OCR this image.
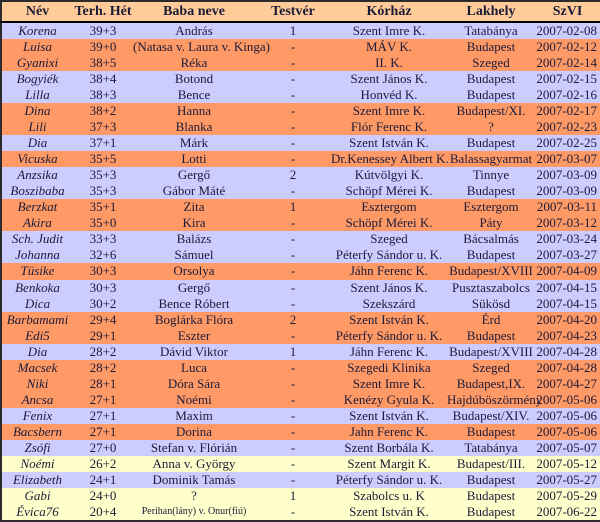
Név	Terh. Hét	Baba neve	Testvér	Kórház	Lakhely	SzVI
Korena	39+3	András	1	Szent Imre K.	Tatabánya	2007-02-08
Luisa	39+0	(Natasa v. Laura v. Kinga)	-	MÁV K.	Budapest	2007-02-12
Gyanixi	38+5	Réka	-	II. K.	Szeged	2007-02-14
Bogyiék	38+4	Botond	-	Szent János K.	Budapest	2007-02-15
Lilla	38+3	Bence	-	Honvéd K.	Budapest	2007-02-16
Dina	38+2	Hanna	-	Szent Imre K.	Budapest/XI.	2007-02-17
Lili	37+3	Blanka	-	Flór Ferenc K.	?	2007-02-23
Dia	37+1	Márk	-	Szent István K.	Budapest	2007-02-25
Vicuska	35+5	Lotti	-	Dr.Kenessey Albert K.	Balassagyarmat	2007-03-07
Anzsika	35+3	Gergő	2	Kútvölgyi K.	Tinnye	2007-03-09
Boszibaba	35+3	Gábor Máté	-	Schöpf Mérei K.	Budapest	2007-03-09
Berzkat	35+1	Zita	1	Esztergom	Esztergom	2007-03-11
Akira	35+0	Kira	-	Schöpf Mérei K.	Páty	2007-03-12
Sch. Judit	33+3	Balázs	-	Szeged	Bácsalmás	2007-03-24
Johanna	32+6	Sámuel	-	Péterfy Sándor u. K.	Budapest	2007-03-27
Tüsike	30+3	Orsolya	-	Jáhn Ferenc K.	Budapest/XVIII	2007-04-09
Benkoka	30+3	Gergő	-	Szent János K.	Pusztaszabolcs	2007-04-15
Dica	30+2	Bence Róbert	-	Szekszárd	Sükösd	2007-04-15
Barbamami	29+4	Boglárka Flóra	2	Szent István K.	Érd	2007-04-20
Edi5	29+1	Eszter	-	Péterfy Sándor u. K.	Budapest	2007-04-23
Dia	28+2	Dávid Viktor	1	Jáhn Ferenc K.	Budapest/XVIII	2007-04-28
Macsek	28+2	Luca	-	Szegedi Klinika	Szeged	2007-04-28
Niki	28+1	Dóra Sára	-	Szent Imre K.	Budapest,IX.	2007-04-27
Ancsa	27+1	Noémi	-	Kenézy Gyula K.	Hajdúböszörmény	2007-05-06
Fenix	27+1	Maxim	-	Szent István K.	Budapest/XIV.	2007-05-06
Bacsbern	27+1	Dorina	-	Jahn Ferenc K.	Budapest	2007-05-06
Zsófi	27+0	Stefan v. Flórián	-	Szent Borbála K.	Tatabánya	2007-05-07
Noémi	26+2	Anna v. György	-	Szent Margit K.	Budapest/III.	2007-05-12
Elizabeth	24+1	Dominik Tamás	-	Péterfy Sándor u. K.	Budapest	2007-05-27
Gabi	24+0	?	1	Szabolcs u. K	Budapest	2007-05-29
Évica76	20+4	Perihan(lány) v. Onur(fiú)	-	Szent István K.	Budapest	2007-06-22
